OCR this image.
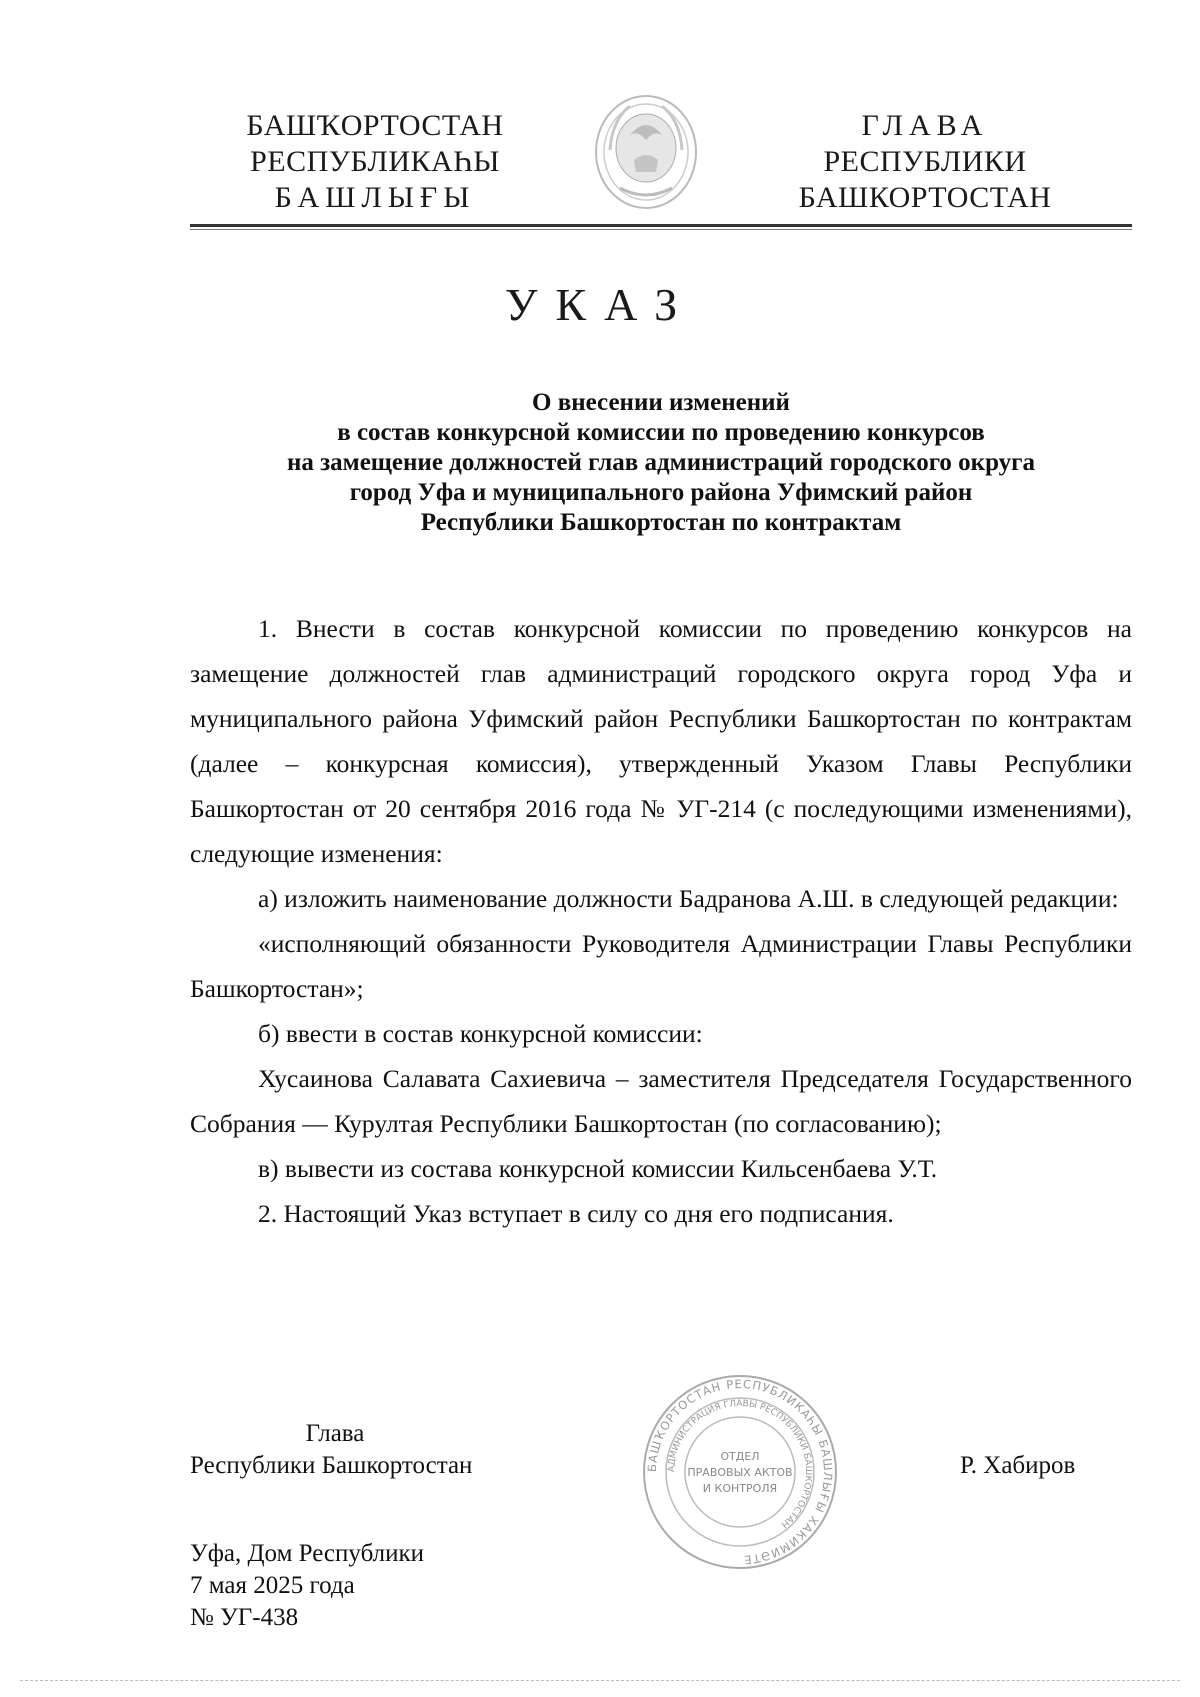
БАШҠОРТОСТАН
РЕСПУБЛИКАҺЫ
БАШЛЫҒЫ
ГЛАВА
РЕСПУБЛИКИ
БАШКОРТОСТАН
УКАЗ
О внесении изменений
в состав конкурсной комиссии по проведению конкурсов
на замещение должностей глав администраций городского округа
город Уфа и муниципального района Уфимский район
Республики Башкортостан по контрактам

1. Внести в состав конкурсной комиссии по проведению конкурсов на замещение должностей глав администраций городского округа город Уфа и муниципального района Уфимский район Республики Башкортостан по контрактам (далее – конкурсная комиссия), утвержденный Указом Главы Республики Башкортостан от 20 сентября 2016 года № УГ-214 (с последующими изменениями), следующие изменения:

а) изложить наименование должности Бадранова А.Ш. в следующей редакции:

«исполняющий обязанности Руководителя Администрации Главы Республики Башкортостан»;

б) ввести в состав конкурсной комиссии:

Хусаинова Салавата Сахиевича – заместителя Председателя Государственного Собрания — Курултая Республики Башкортостан (по согласованию);

в) вывести из состава конкурсной комиссии Кильсенбаева У.Т.

2. Настоящий Указ вступает в силу со дня его подписания.

Глава
Республики Башкортостан	БАШҠОРТОСТАН РЕСПУБЛИКАҺЫ БАШЛЫҒЫ ХАКИМИӘТЕ
АДМИНИСТРАЦИЯ ГЛАВЫ РЕСПУБЛИКИ БАШКОРТОСТАН
ОТДЕЛ
ПРАВОВЫХ АКТОВ
И КОНТРОЛЯ
Р. Хабиров
Уфа, Дом Республики
7 мая 2025 года
№ УГ-438
